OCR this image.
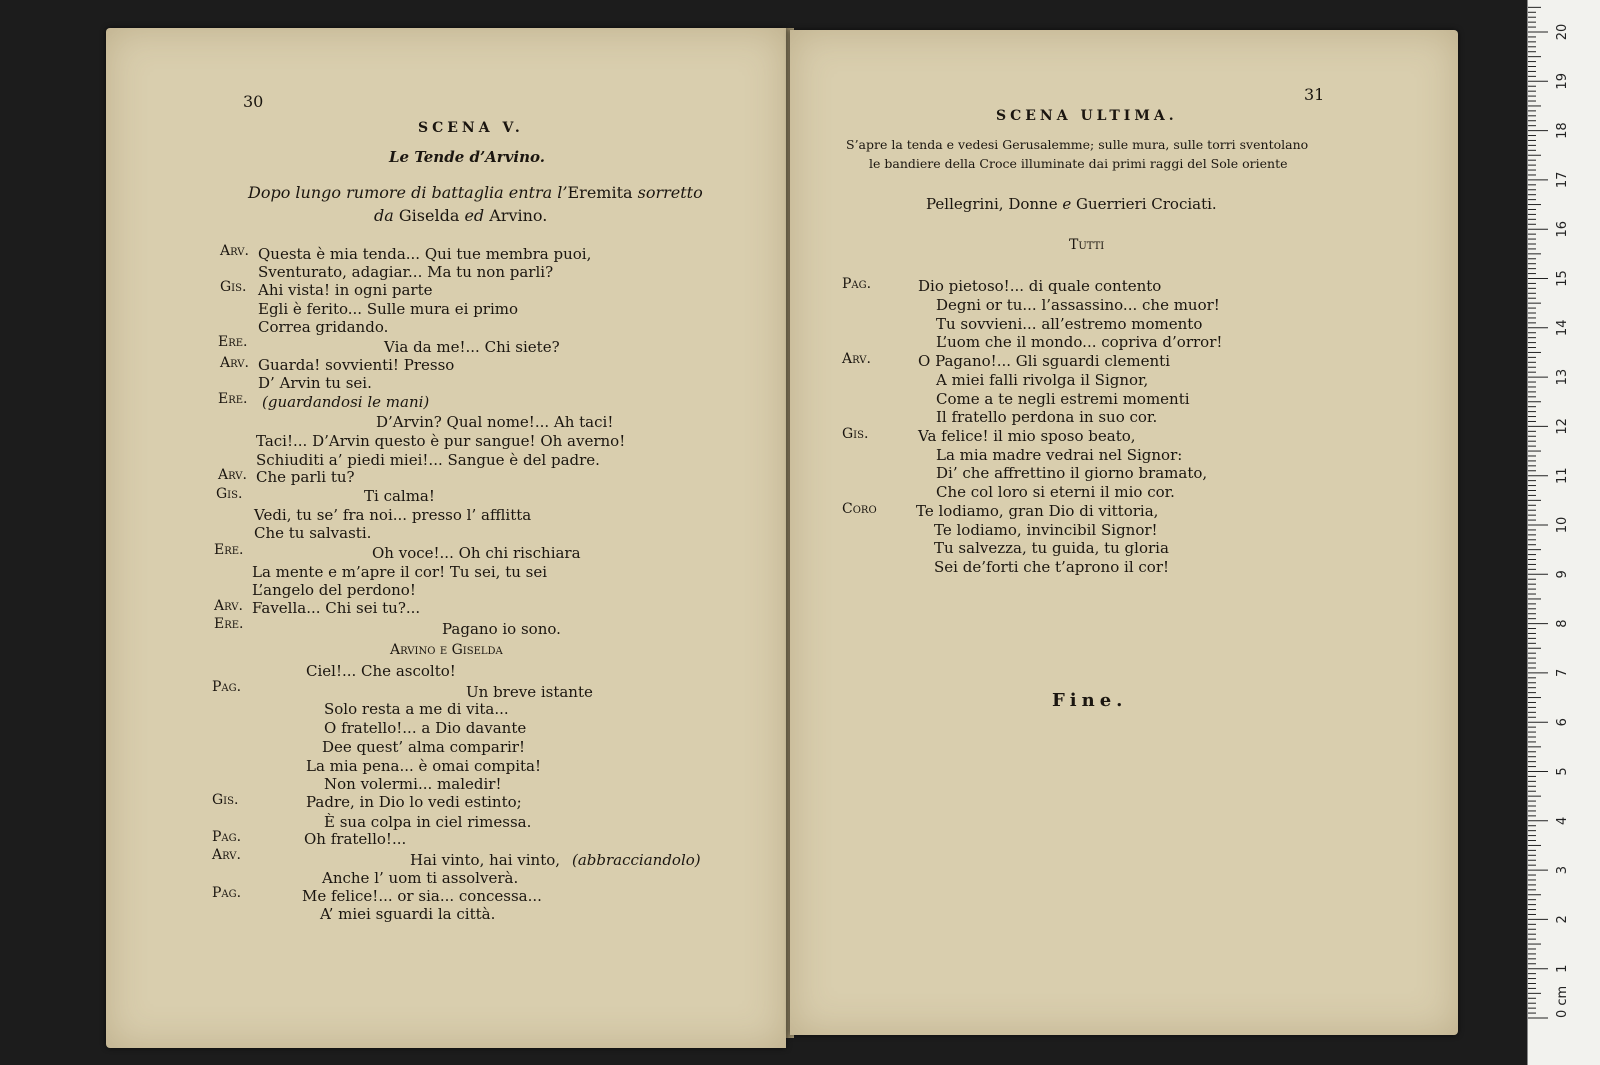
30
SCENA V.
Le Tende d’Arvino.
Dopo lungo rumore di battaglia entra l’Eremita sorretto
da Giselda ed Arvino.
Arv. Questa è mia tenda... Qui tue membra puoi,
Sventurato, adagiar... Ma tu non parli?
Gis. Ahi vista! in ogni parte
Egli è ferito... Sulle mura ei primo
Correa gridando.
Ere.	Via da me!... Chi siete?
Arv. Guarda! sovvienti! Presso
D’ Arvin tu sei.
Ere. (guardandosi le mani)
D’Arvin? Qual nome!... Ah taci!
Taci!... D’Arvin questo è pur sangue! Oh averno!
Schiuditi a’ piedi miei!... Sangue è del padre.
Arv. Che parli tu?
Gis.	Ti calma!
Vedi, tu se’ fra noi... presso l’ afflitta
Che tu salvasti.
Ere.	Oh voce!... Oh chi rischiara
La mente e m’apre il cor! Tu sei, tu sei
L’angelo del perdono!
Arv. Favella... Chi sei tu?...
Ere.	Pagano io sono.
Arvino e Giselda
Ciel!... Che ascolto!
Pag.	Un breve istante
Solo resta a me di vita...
O fratello!... a Dio davante
Dee quest’ alma comparir!
La mia pena... è omai compita!
Non volermi... maledir!
Gis.	Padre, in Dio lo vedi estinto;
È sua colpa in ciel rimessa.
Pag.	Oh fratello!...
Arv.	Hai vinto, hai vinto, (abbracciandolo)
Anche l’ uom ti assolverà.
Pag.	Me felice!... or sia... concessa...
A’ miei sguardi la città.
31
SCENA ULTIMA.
S’apre la tenda e vedesi Gerusalemme; sulle mura, sulle torri sventolano
le bandiere della Croce illuminate dai primi raggi del Sole oriente
Pellegrini, Donne e Guerrieri Crociati.
Tutti
Pag.	Dio pietoso!... di quale contento
Degni or tu... l’assassino... che muor!
Tu sovvieni... all’estremo momento
L’uom che il mondo... copriva d’orror!
Arv.	O Pagano!... Gli sguardi clementi
A miei falli rivolga il Signor,
Come a te negli estremi momenti
Il fratello perdona in suo cor.
Gis.	Va felice! il mio sposo beato,
La mia madre vedrai nel Signor:
Di’ che affrettino il giorno bramato,
Che col loro si eterni il mio cor.
Coro	Te lodiamo, gran Dio di vittoria,
Te lodiamo, invincibil Signor!
Tu salvezza, tu guida, tu gloria
Sei de’forti che t’aprono il cor!
Fine.
0 cm
1
2
3
4
5
6
7
8
9
10
11
12
13
14
15
16
17
18
19
20
